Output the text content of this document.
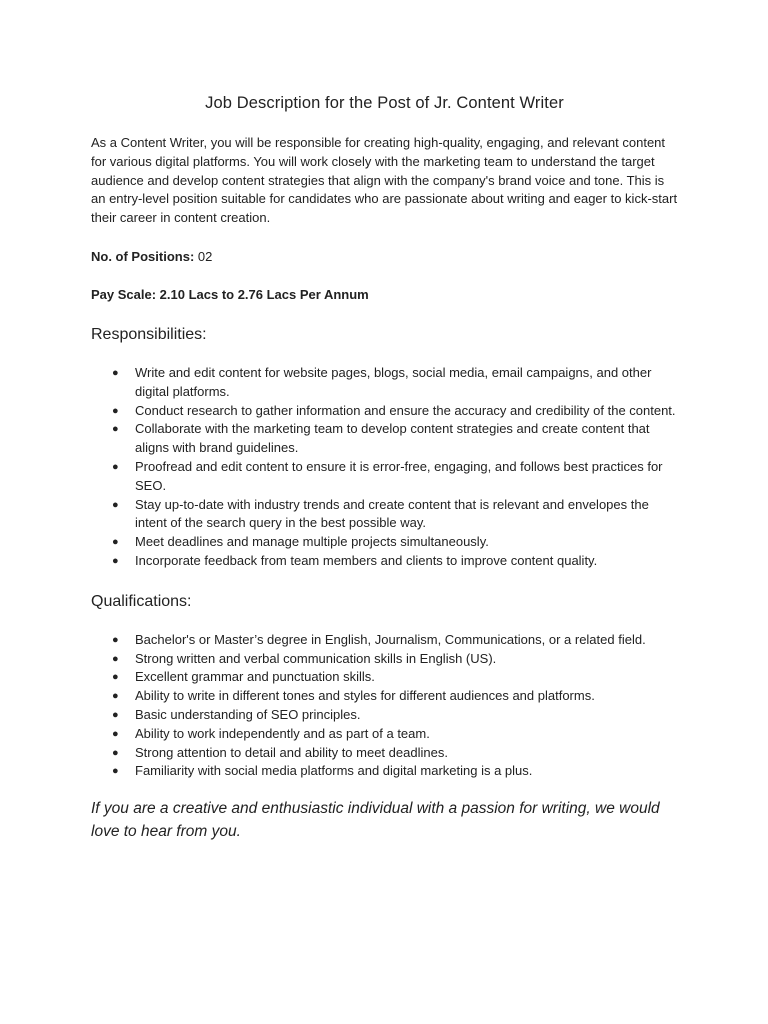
Job Description for the Post of Jr. Content Writer

As a Content Writer, you will be responsible for creating high-quality, engaging, and relevant content for various digital platforms. You will work closely with the marketing team to understand the target audience and develop content strategies that align with the company's brand voice and tone. This is an entry-level position suitable for candidates who are passionate about writing and eager to kick-start their career in content creation.

No. of Positions: 02

Pay Scale: 2.10 Lacs to 2.76 Lacs Per Annum

Responsibilities:
● Write and edit content for website pages, blogs, social media, email campaigns, and other digital platforms.
● Conduct research to gather information and ensure the accuracy and credibility of the content.
● Collaborate with the marketing team to develop content strategies and create content that aligns with brand guidelines.
● Proofread and edit content to ensure it is error-free, engaging, and follows best practices for SEO.
● Stay up-to-date with industry trends and create content that is relevant and envelopes the intent of the search query in the best possible way.
● Meet deadlines and manage multiple projects simultaneously.
● Incorporate feedback from team members and clients to improve content quality.
Qualifications:
● Bachelor's or Master’s degree in English, Journalism, Communications, or a related field.
● Strong written and verbal communication skills in English (US).
● Excellent grammar and punctuation skills.
● Ability to write in different tones and styles for different audiences and platforms.
● Basic understanding of SEO principles.
● Ability to work independently and as part of a team.
● Strong attention to detail and ability to meet deadlines.
● Familiarity with social media platforms and digital marketing is a plus.

If you are a creative and enthusiastic individual with a passion for writing, we would love to hear from you.
